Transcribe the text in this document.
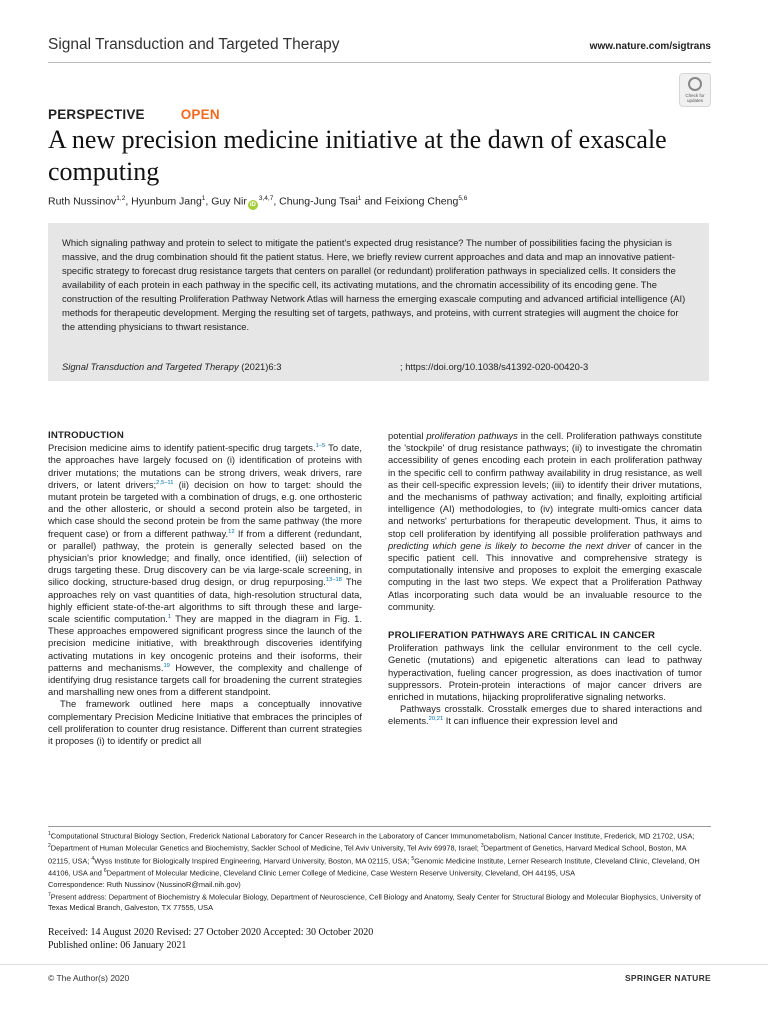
Signal Transduction and Targeted Therapy	www.nature.com/sigtrans
Check for updates
PERSPECTIVE	OPEN
A new precision medicine initiative at the dawn of exascale computing
Ruth Nussinov$^{1,2}$, Hyunbum Jang$^1$, Guy Nir iD$^{3,4,7}$, Chung-Jung Tsai$^1$ and Feixiong Cheng$^{5,6}$

Which signaling pathway and protein to select to mitigate the patient's expected drug resistance? The number of possibilities facing the physician is massive, and the drug combination should fit the patient status. Here, we briefly review current approaches and data and map an innovative patient-specific strategy to forecast drug resistance targets that centers on parallel (or redundant) proliferation pathways in specialized cells. It considers the availability of each protein in each pathway in the specific cell, its activating mutations, and the chromatin accessibility of its encoding gene. The construction of the resulting Proliferation Pathway Network Atlas will harness the emerging exascale computing and advanced artificial intelligence (AI) methods for therapeutic development. Merging the resulting set of targets, pathways, and proteins, with current strategies will augment the choice for the attending physicians to thwart resistance.

Signal Transduction and Targeted Therapy (2021)6:3	; https://doi.org/10.1038/s41392-020-00420-3
INTRODUCTION

Precision medicine aims to identify patient-specific drug targets.$^{1-5}$ To date, the approaches have largely focused on (i) identification of proteins with driver mutations; the mutations can be strong drivers, weak drivers, rare drivers, or latent drivers;$^{2,5-11}$ (ii) decision on how to target: should the mutant protein be targeted with a combination of drugs, e.g. one orthosteric and the other allosteric, or should a second protein also be targeted, in which case should the second protein be from the same pathway (the more frequent case) or from a different pathway.$^{12}$ If from a different (redundant, or parallel) pathway, the protein is generally selected based on the physician's prior knowledge; and finally, once identified, (iii) selection of drugs targeting these. Drug discovery can be via large-scale screening, in silico docking, structure-based drug design, or drug repurposing.$^{13-18}$ The approaches rely on vast quantities of data, high-resolution structural data, highly efficient state-of-the-art algorithms to sift through these and large-scale scientific computation.$^1$ They are mapped in the diagram in Fig. 1. These approaches empowered significant progress since the launch of the precision medicine initiative, with breakthrough discoveries identifying activating mutations in key oncogenic proteins and their isoforms, their patterns and mechanisms.$^{19}$ However, the complexity and challenge of identifying drug resistance targets call for broadening the current strategies and marshalling new ones from a different standpoint.

The framework outlined here maps a conceptually innovative complementary Precision Medicine Initiative that embraces the principles of cell proliferation to counter drug resistance. Different than current strategies it proposes (i) to identify or predict all

potential proliferation pathways in the cell. Proliferation pathways constitute the 'stockpile' of drug resistance pathways; (ii) to investigate the chromatin accessibility of genes encoding each protein in each proliferation pathway in the specific cell to confirm pathway availability in drug resistance, as well as their cell-specific expression levels; (iii) to identify their driver mutations, and the mechanisms of pathway activation; and finally, exploiting artificial intelligence (AI) methodologies, to (iv) integrate multi-omics cancer data and networks' perturbations for therapeutic development. Thus, it aims to stop cell proliferation by identifying all possible proliferation pathways and predicting which gene is likely to become the next driver of cancer in the specific patient cell. This innovative and comprehensive strategy is computationally intensive and proposes to exploit the emerging exascale computing in the last two steps. We expect that a Proliferation Pathway Atlas incorporating such data would be an invaluable resource to the community.

PROLIFERATION PATHWAYS ARE CRITICAL IN CANCER

Proliferation pathways link the cellular environment to the cell cycle. Genetic (mutations) and epigenetic alterations can lead to pathway hyperactivation, fueling cancer progression, as does inactivation of tumor suppressors. Protein-protein interactions of major cancer drivers are enriched in mutations, hijacking proproliferative signaling networks.

Pathways crosstalk. Crosstalk emerges due to shared interactions and elements.$^{20,21}$ It can influence their expression level and

$^1$Computational Structural Biology Section, Frederick National Laboratory for Cancer Research in the Laboratory of Cancer Immunometabolism, National Cancer Institute, Frederick, MD 21702, USA; $^2$Department of Human Molecular Genetics and Biochemistry, Sackler School of Medicine, Tel Aviv University, Tel Aviv 69978, Israel; $^3$Department of Genetics, Harvard Medical School, Boston, MA 02115, USA; $^4$Wyss Institute for Biologically Inspired Engineering, Harvard University, Boston, MA 02115, USA; $^5$Genomic Medicine Institute, Lerner Research Institute, Cleveland Clinic, Cleveland, OH 44106, USA and $^6$Department of Molecular Medicine, Cleveland Clinic Lerner College of Medicine, Case Western Reserve University, Cleveland, OH 44195, USA

Correspondence: Ruth Nussinov (NussinoR@mail.nih.gov)

$^7$Present address: Department of Biochemistry & Molecular Biology, Department of Neuroscience, Cell Biology and Anatomy, Sealy Center for Structural Biology and Molecular Biophysics, University of Texas Medical Branch, Galveston, TX 77555, USA

Received: 14 August 2020 Revised: 27 October 2020 Accepted: 30 October 2020

Published online: 06 January 2021

© The Author(s) 2020	SPRINGER NATURE
